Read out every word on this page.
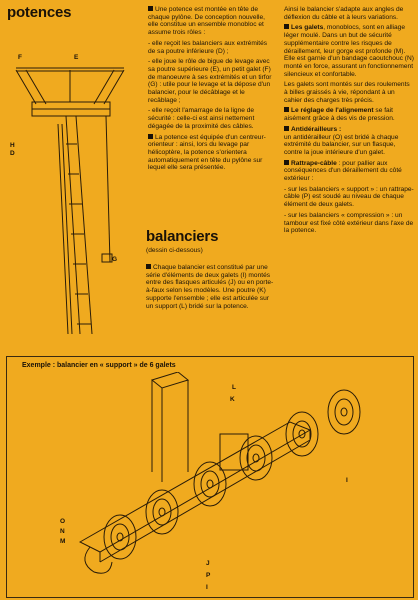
potences
F	E
H
D
G

Une potence est montée en tête de chaque pylône. De conception nouvelle, elle constitue un ensemble monobloc et assume trois rôles :

- elle reçoit les balanciers aux extrémités de sa poutre inférieure (D) ;

- elle joue le rôle de bigue de levage avec sa poutre supérieure (E), un petit galet (F) de manoeuvre à ses extrémités et un tirfor (G) : utile pour le levage et la dépose d'un balancier, pour le décâblage et le recâblage ;

- elle reçoit l'amarrage de la ligne de sécurité : celle-ci est ainsi nettement dégagée de la proximité des câbles.

La potence est équipée d'un centreur-orienteur : ainsi, lors du levage par hélicoptère, la potence s'orientera automatiquement en tête du pylône sur lequel elle sera présentée.

balanciers
(dessin ci-dessous)

Chaque balancier est constitué par une série d'éléments de deux galets (I) montés entre des flasques articulés (J) ou en porte-à-faux selon les modèles. Une poutre (K) supporte l'ensemble ; elle est articulée sur un support (L) bridé sur la potence.

Ainsi le balancier s'adapte aux angles de déflexion du câble et à leurs variations.

Les galets, monoblocs, sont en alliage léger moulé. Dans un but de sécurité supplémentaire contre les risques de déraillement, leur gorge est profonde (M). Elle est garnie d'un bandage caoutchouc (N) monté en force, assurant un fonctionnement silencieux et confortable.

Les galets sont montés sur des roulements à billes graissés à vie, répondant à un cahier des charges très précis.

Le réglage de l'alignement se fait aisément grâce à des vis de pression.

Antidérailleurs :

un antidérailleur (O) est bridé à chaque extrémité du balancier, sur un flasque, contre la joue intérieure d'un galet.

Rattrape-câble : pour pallier aux conséquences d'un déraillement du côté extérieur :

- sur les balanciers « support » : un rattrape-câble (P) est soudé au niveau de chaque élément de deux galets.

- sur les balanciers « compression » : un tambour est fixé côté extérieur dans l'axe de la potence.

Exemple : balancier en « support » de 6 galets
L
K
I
O
N
M
J
P
I
